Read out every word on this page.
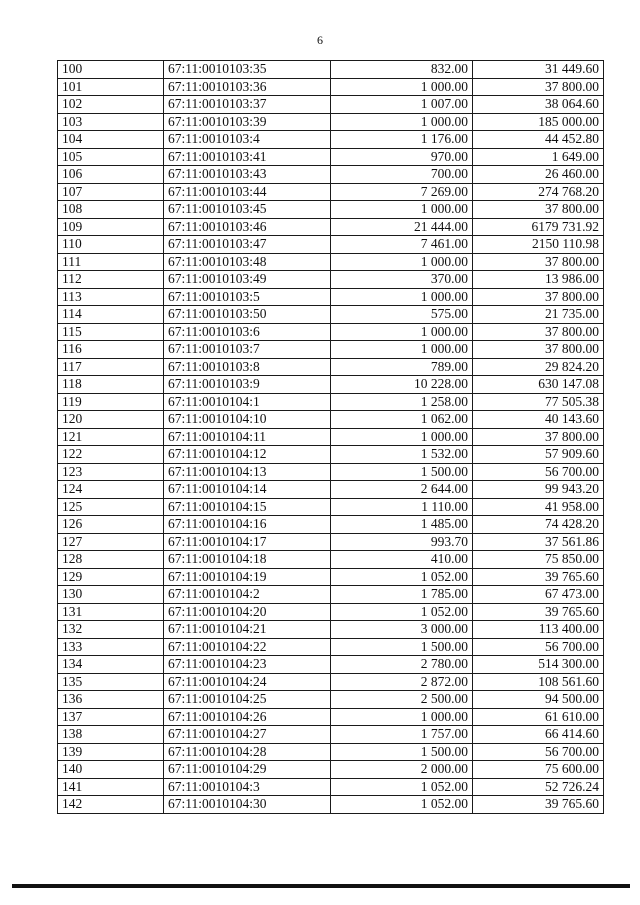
6
100	67:11:0010103:35	832.00	31 449.60
101	67:11:0010103:36	1 000.00	37 800.00
102	67:11:0010103:37	1 007.00	38 064.60
103	67:11:0010103:39	1 000.00	185 000.00
104	67:11:0010103:4	1 176.00	44 452.80
105	67:11:0010103:41	970.00	1 649.00
106	67:11:0010103:43	700.00	26 460.00
107	67:11:0010103:44	7 269.00	274 768.20
108	67:11:0010103:45	1 000.00	37 800.00
109	67:11:0010103:46	21 444.00	6179 731.92
110	67:11:0010103:47	7 461.00	2150 110.98
111	67:11:0010103:48	1 000.00	37 800.00
112	67:11:0010103:49	370.00	13 986.00
113	67:11:0010103:5	1 000.00	37 800.00
114	67:11:0010103:50	575.00	21 735.00
115	67:11:0010103:6	1 000.00	37 800.00
116	67:11:0010103:7	1 000.00	37 800.00
117	67:11:0010103:8	789.00	29 824.20
118	67:11:0010103:9	10 228.00	630 147.08
119	67:11:0010104:1	1 258.00	77 505.38
120	67:11:0010104:10	1 062.00	40 143.60
121	67:11:0010104:11	1 000.00	37 800.00
122	67:11:0010104:12	1 532.00	57 909.60
123	67:11:0010104:13	1 500.00	56 700.00
124	67:11:0010104:14	2 644.00	99 943.20
125	67:11:0010104:15	1 110.00	41 958.00
126	67:11:0010104:16	1 485.00	74 428.20
127	67:11:0010104:17	993.70	37 561.86
128	67:11:0010104:18	410.00	75 850.00
129	67:11:0010104:19	1 052.00	39 765.60
130	67:11:0010104:2	1 785.00	67 473.00
131	67:11:0010104:20	1 052.00	39 765.60
132	67:11:0010104:21	3 000.00	113 400.00
133	67:11:0010104:22	1 500.00	56 700.00
134	67:11:0010104:23	2 780.00	514 300.00
135	67:11:0010104:24	2 872.00	108 561.60
136	67:11:0010104:25	2 500.00	94 500.00
137	67:11:0010104:26	1 000.00	61 610.00
138	67:11:0010104:27	1 757.00	66 414.60
139	67:11:0010104:28	1 500.00	56 700.00
140	67:11:0010104:29	2 000.00	75 600.00
141	67:11:0010104:3	1 052.00	52 726.24
142	67:11:0010104:30	1 052.00	39 765.60
